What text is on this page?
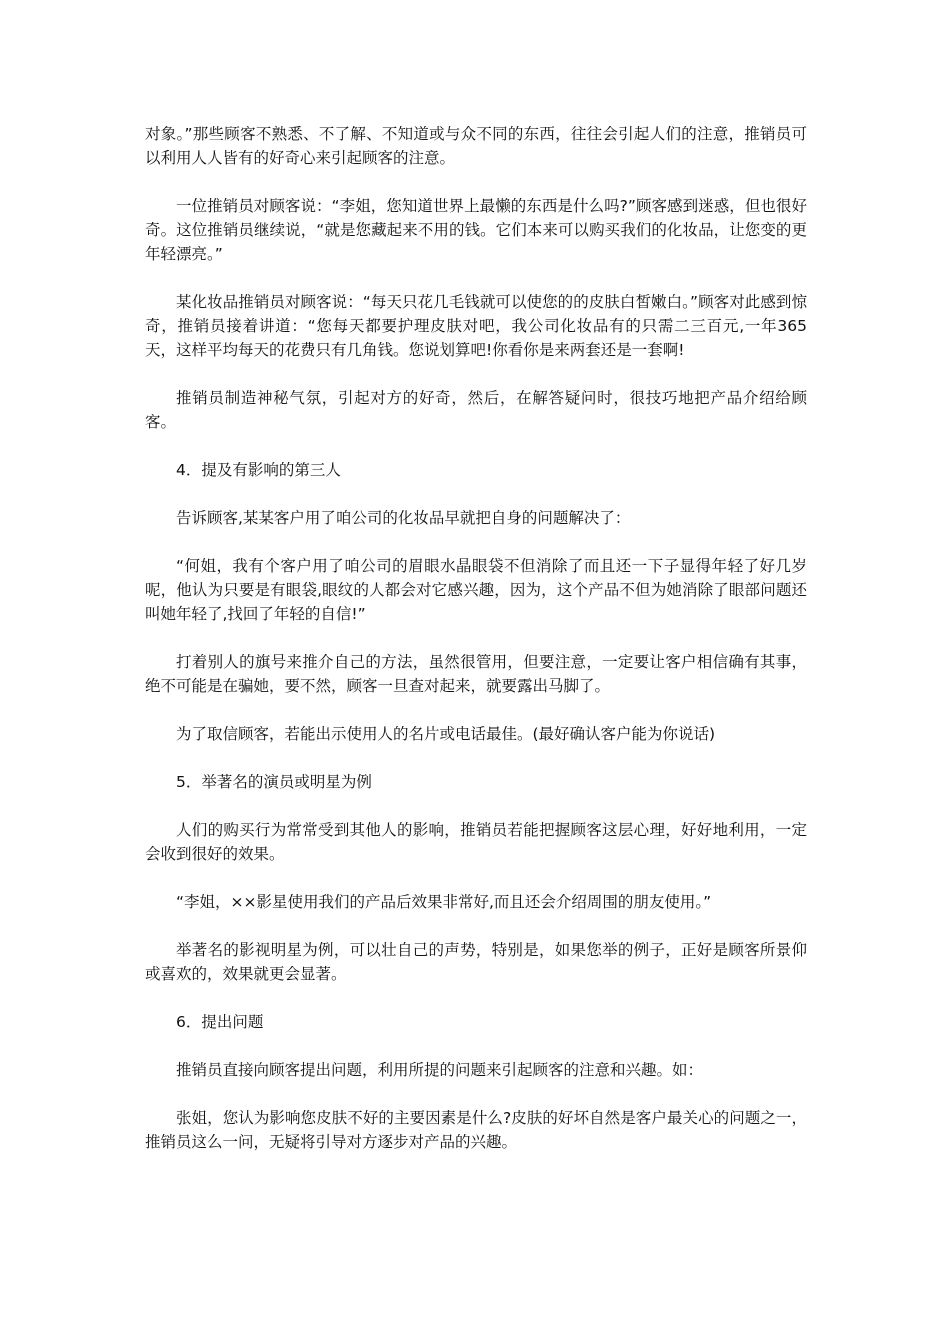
对象。”那些顾客不熟悉、不了解、不知道或与众不同的东西，往往会引起人们的注意，推销员可以利用人人皆有的好奇心来引起顾客的注意。

一位推销员对顾客说：“李姐，您知道世界上最懒的东西是什么吗?”顾客感到迷惑，但也很好奇。这位推销员继续说，“就是您藏起来不用的钱。它们本来可以购买我们的化妆品，让您变的更年轻漂亮。”

某化妆品推销员对顾客说：“每天只花几毛钱就可以使您的的皮肤白皙嫩白。”顾客对此感到惊奇，推销员接着讲道：“您每天都要护理皮肤对吧，我公司化妆品有的只需二三百元,一年365天，这样平均每天的花费只有几角钱。您说划算吧!你看你是来两套还是一套啊!

推销员制造神秘气氛，引起对方的好奇，然后，在解答疑问时，很技巧地把产品介绍给顾客。

4．提及有影响的第三人

告诉顾客,某某客户用了咱公司的化妆品早就把自身的问题解决了：

“何姐，我有个客户用了咱公司的眉眼水晶眼袋不但消除了而且还一下子显得年轻了好几岁呢，他认为只要是有眼袋,眼纹的人都会对它感兴趣，因为，这个产品不但为她消除了眼部问题还叫她年轻了,找回了年轻的自信!”

打着别人的旗号来推介自己的方法，虽然很管用，但要注意，一定要让客户相信确有其事，绝不可能是在骗她，要不然，顾客一旦查对起来，就要露出马脚了。

为了取信顾客，若能出示使用人的名片或电话最佳。(最好确认客户能为你说话)

5．举著名的演员或明星为例

人们的购买行为常常受到其他人的影响，推销员若能把握顾客这层心理，好好地利用，一定会收到很好的效果。

“李姐，××影星使用我们的产品后效果非常好,而且还会介绍周围的朋友使用。”

举著名的影视明星为例，可以壮自己的声势，特别是，如果您举的例子，正好是顾客所景仰或喜欢的，效果就更会显著。

6．提出问题

推销员直接向顾客提出问题，利用所提的问题来引起顾客的注意和兴趣。如：

张姐，您认为影响您皮肤不好的主要因素是什么?皮肤的好坏自然是客户最关心的问题之一，推销员这么一问，无疑将引导对方逐步对产品的兴趣。
